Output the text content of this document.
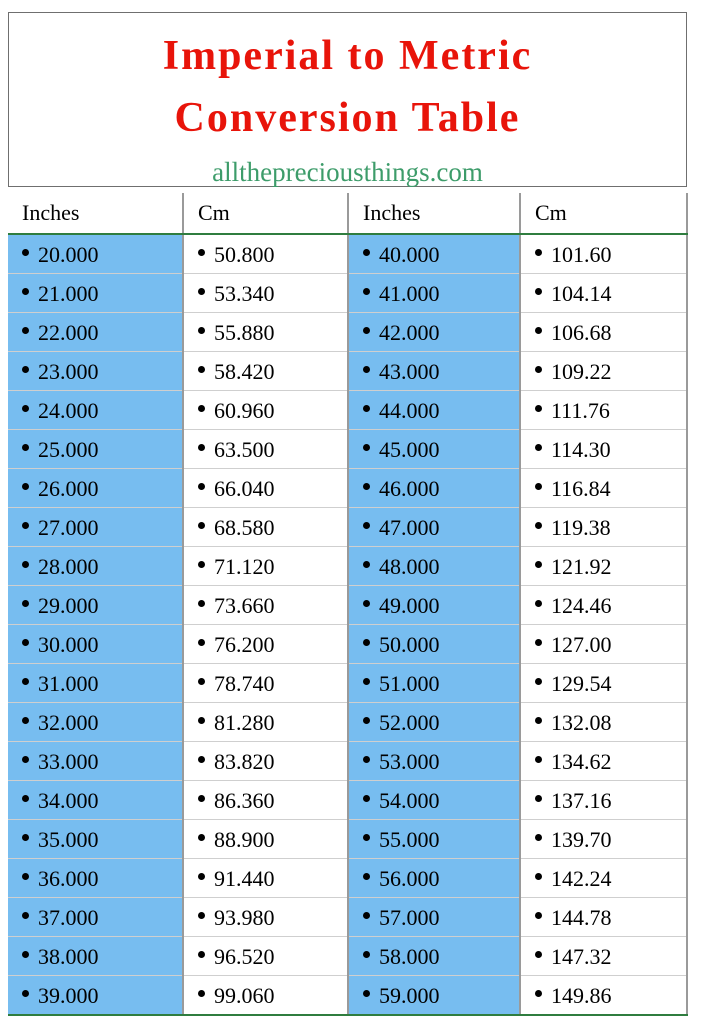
Imperial to Metric
Conversion Table
allthepreciousthings.com
Inches	Cm	Inches	Cm
20.000	50.800	40.000	101.60
21.000	53.340	41.000	104.14
22.000	55.880	42.000	106.68
23.000	58.420	43.000	109.22
24.000	60.960	44.000	111.76
25.000	63.500	45.000	114.30
26.000	66.040	46.000	116.84
27.000	68.580	47.000	119.38
28.000	71.120	48.000	121.92
29.000	73.660	49.000	124.46
30.000	76.200	50.000	127.00
31.000	78.740	51.000	129.54
32.000	81.280	52.000	132.08
33.000	83.820	53.000	134.62
34.000	86.360	54.000	137.16
35.000	88.900	55.000	139.70
36.000	91.440	56.000	142.24
37.000	93.980	57.000	144.78
38.000	96.520	58.000	147.32
39.000	99.060	59.000	149.86
